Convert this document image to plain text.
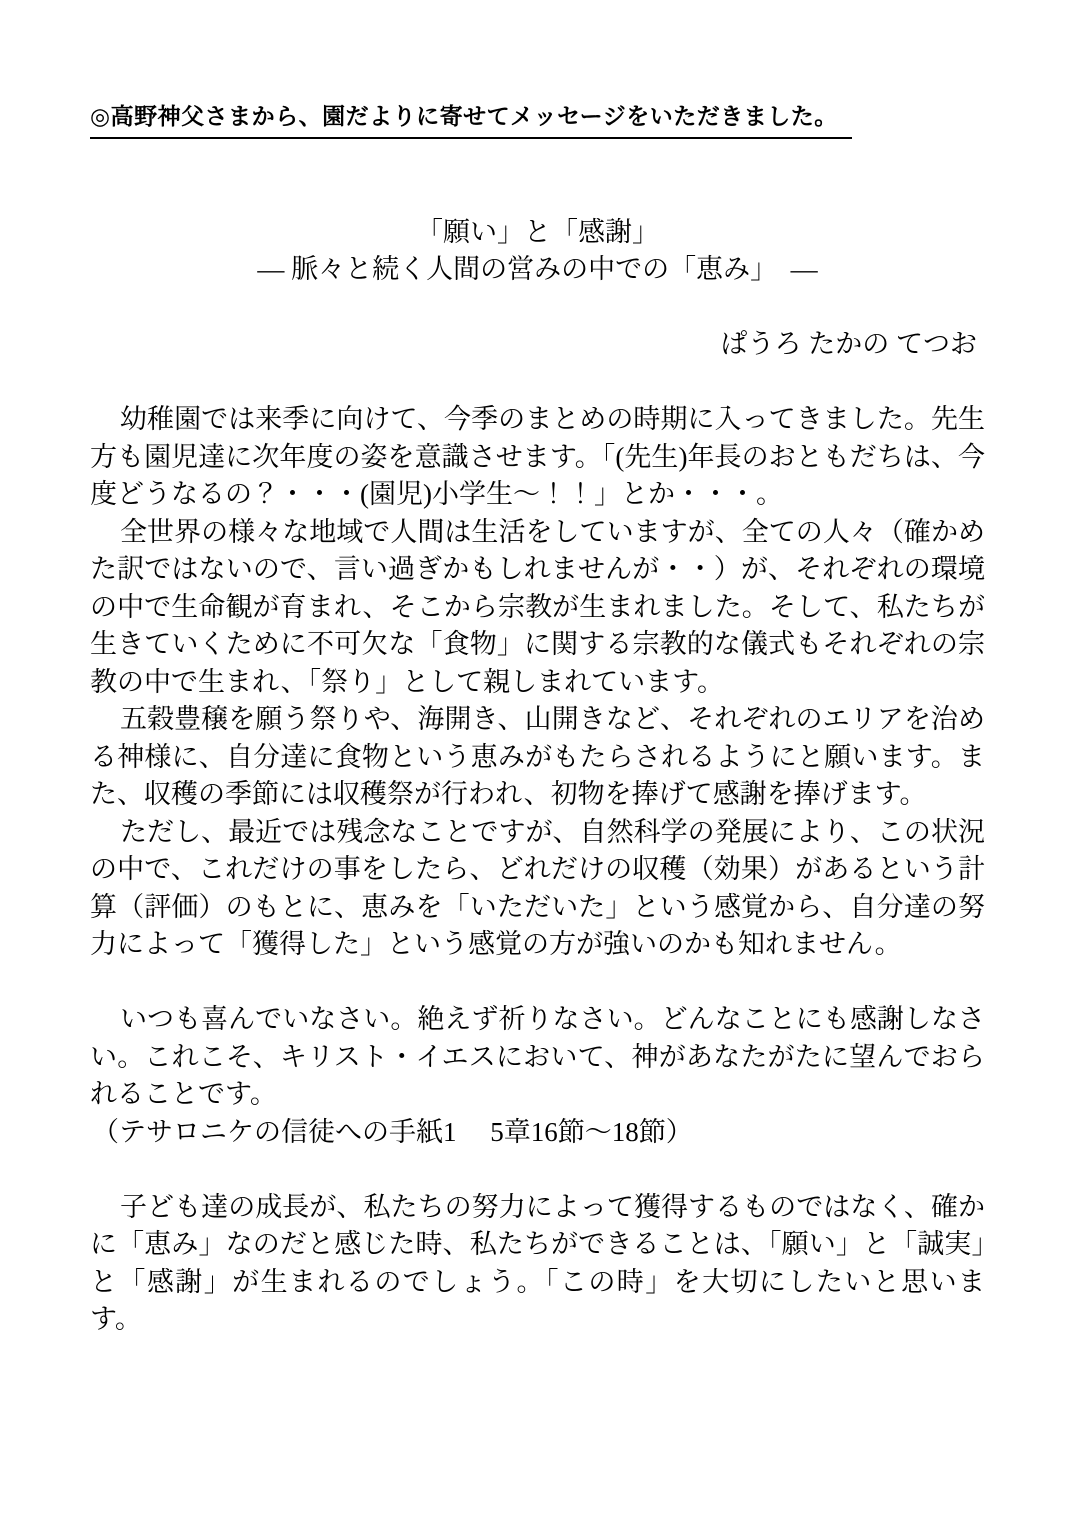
◎高野神父さまから、園だよりに寄せてメッセージをいただきました。
「願い」と「感謝」
― 脈々と続く人間の営みの中での「恵み」　―
ぱうろ たかの てつお

幼稚園では来季に向けて、今季のまとめの時期に入ってきました。先生方も園児達に次年度の姿を意識させます。「(先生)年長のおともだちは、今度どうなるの？・・・(園児)小学生～！！」とか・・・。

全世界の様々な地域で人間は生活をしていますが、全ての人々（確かめた訳ではないので、言い過ぎかもしれませんが・・）が、それぞれの環境の中で生命観が育まれ、そこから宗教が生まれました。そして、私たちが生きていくために不可欠な「食物」に関する宗教的な儀式もそれぞれの宗教の中で生まれ、「祭り」として親しまれています。

五穀豊穣を願う祭りや、海開き、山開きなど、それぞれのエリアを治める神様に、自分達に食物という恵みがもたらされるようにと願います。また、収穫の季節には収穫祭が行われ、初物を捧げて感謝を捧げます。

ただし、最近では残念なことですが、自然科学の発展により、この状況の中で、これだけの事をしたら、どれだけの収穫（効果）があるという計算（評価）のもとに、恵みを「いただいた」という感覚から、自分達の努力によって「獲得した」という感覚の方が強いのかも知れません。

いつも喜んでいなさい。絶えず祈りなさい。どんなことにも感謝しなさい。これこそ、キリスト・イエスにおいて、神があなたがたに望んでおられることです。

（テサロニケの信徒への手紙1　 5章16節～18節）

子ども達の成長が、私たちの努力によって獲得するものではなく、確かに「恵み」なのだと感じた時、私たちができることは、「願い」と「誠実」と「感謝」が生まれるのでしょう。「この時」を大切にしたいと思います。
